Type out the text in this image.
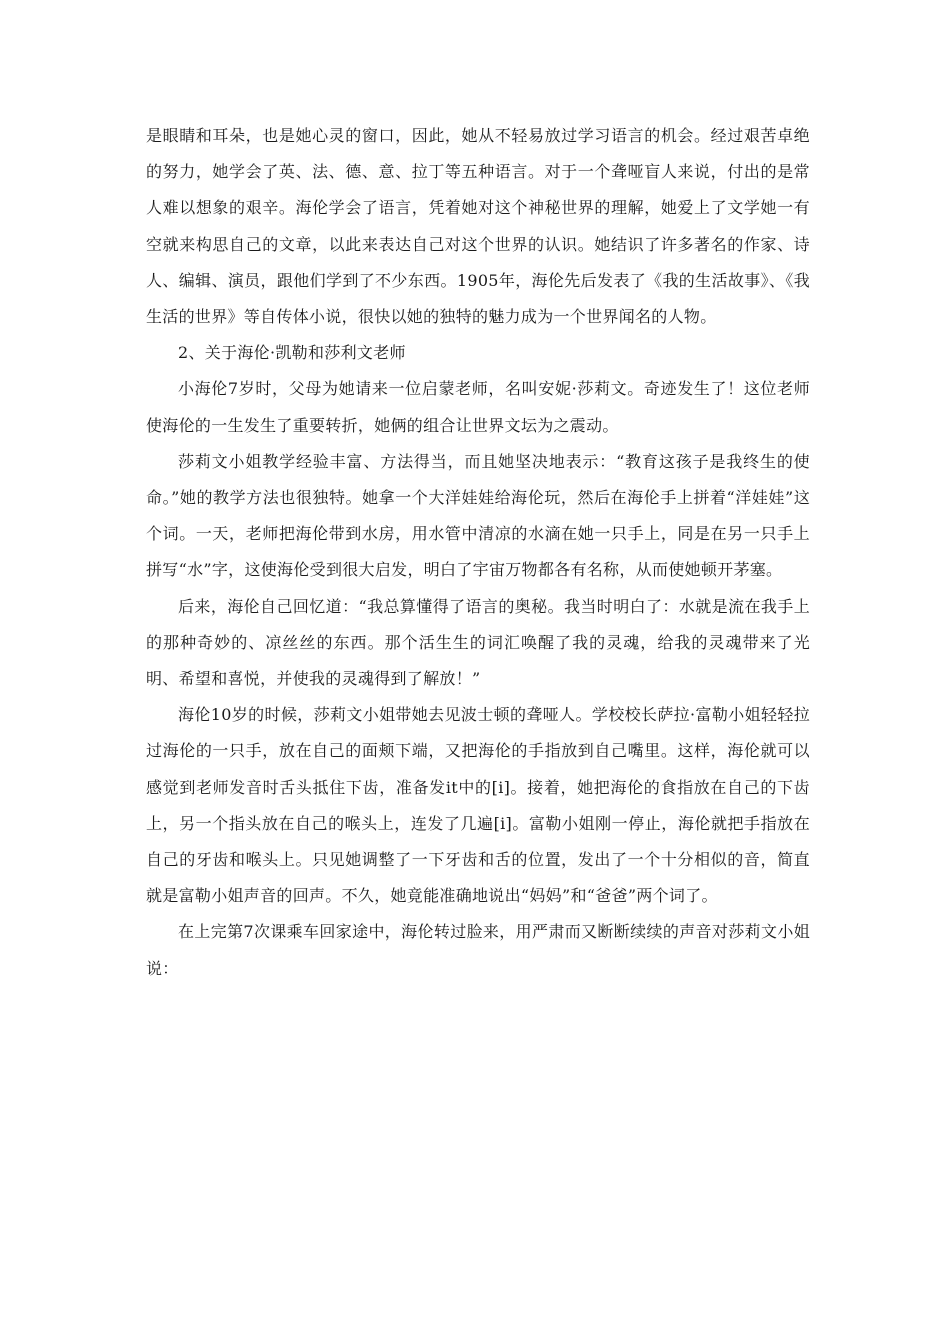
是眼睛和耳朵，也是她心灵的窗口，因此，她从不轻易放过学习语言的机会。经过艰苦卓绝的努力，她学会了英、法、德、意、拉丁等五种语言。对于一个聋哑盲人来说，付出的是常人难以想象的艰辛。海伦学会了语言，凭着她对这个神秘世界的理解，她爱上了文学她一有空就来构思自己的文章，以此来表达自己对这个世界的认识。她结识了许多著名的作家、诗人、编辑、演员，跟他们学到了不少东西。1905年，海伦先后发表了《我的生活故事》、《我生活的世界》等自传体小说，很快以她的独特的魅力成为一个世界闻名的人物。

2、关于海伦·凯勒和莎利文老师

小海伦7岁时，父母为她请来一位启蒙老师，名叫安妮·莎莉文。奇迹发生了！这位老师使海伦的一生发生了重要转折，她俩的组合让世界文坛为之震动。

莎莉文小姐教学经验丰富、方法得当，而且她坚决地表示：“教育这孩子是我终生的使命。”她的教学方法也很独特。她拿一个大洋娃娃给海伦玩，然后在海伦手上拼着“洋娃娃”这个词。一天，老师把海伦带到水房，用水管中清凉的水滴在她一只手上，同是在另一只手上拼写“水”字，这使海伦受到很大启发，明白了宇宙万物都各有名称，从而使她顿开茅塞。

后来，海伦自己回忆道：“我总算懂得了语言的奥秘。我当时明白了：水就是流在我手上的那种奇妙的、凉丝丝的东西。那个活生生的词汇唤醒了我的灵魂，给我的灵魂带来了光明、希望和喜悦，并使我的灵魂得到了解放！”

海伦10岁的时候，莎莉文小姐带她去见波士顿的聋哑人。学校校长萨拉·富勒小姐轻轻拉过海伦的一只手，放在自己的面颊下端，又把海伦的手指放到自己嘴里。这样，海伦就可以感觉到老师发音时舌头抵住下齿，准备发it中的[i]。接着，她把海伦的食指放在自己的下齿上，另一个指头放在自己的喉头上，连发了几遍[i]。富勒小姐刚一停止，海伦就把手指放在自己的牙齿和喉头上。只见她调整了一下牙齿和舌的位置，发出了一个十分相似的音，简直就是富勒小姐声音的回声。不久，她竟能准确地说出“妈妈”和“爸爸”两个词了。

在上完第7次课乘车回家途中，海伦转过脸来，用严肃而又断断续续的声音对莎莉文小姐说：
